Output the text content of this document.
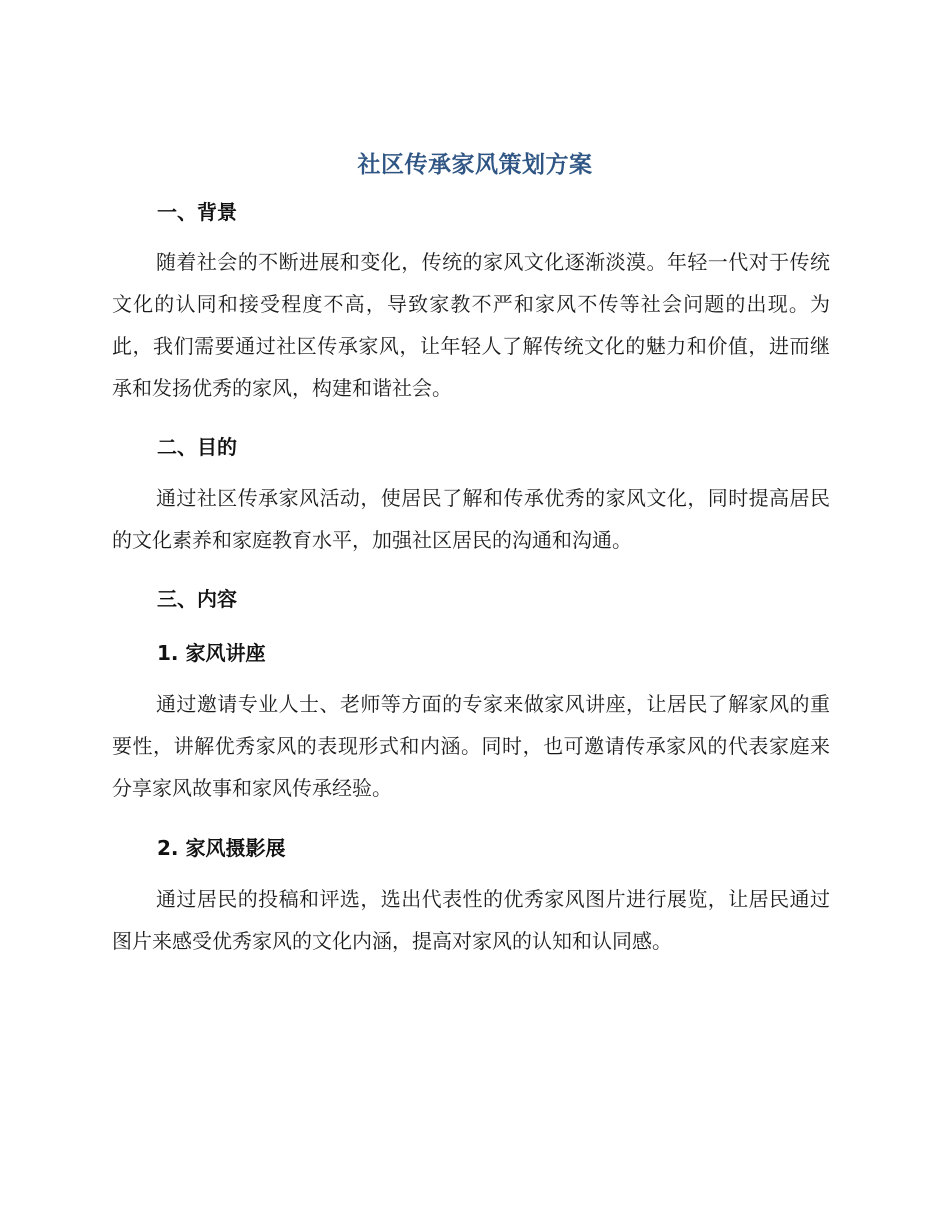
社区传承家风策划方案
一、背景
随着社会的不断进展和变化，传统的家风文化逐渐淡漠。年轻一代对于传统文化的认同和接受程度不高，导致家教不严和家风不传等社会问题的出现。为此，我们需要通过社区传承家风，让年轻人了解传统文化的魅力和价值，进而继承和发扬优秀的家风，构建和谐社会。
二、目的
通过社区传承家风活动，使居民了解和传承优秀的家风文化，同时提高居民的文化素养和家庭教育水平，加强社区居民的沟通和沟通。
三、内容
1. 家风讲座
通过邀请专业人士、老师等方面的专家来做家风讲座，让居民了解家风的重要性，讲解优秀家风的表现形式和内涵。同时，也可邀请传承家风的代表家庭来分享家风故事和家风传承经验。
2. 家风摄影展
通过居民的投稿和评选，选出代表性的优秀家风图片进行展览，让居民通过图片来感受优秀家风的文化内涵，提高对家风的认知和认同感。
